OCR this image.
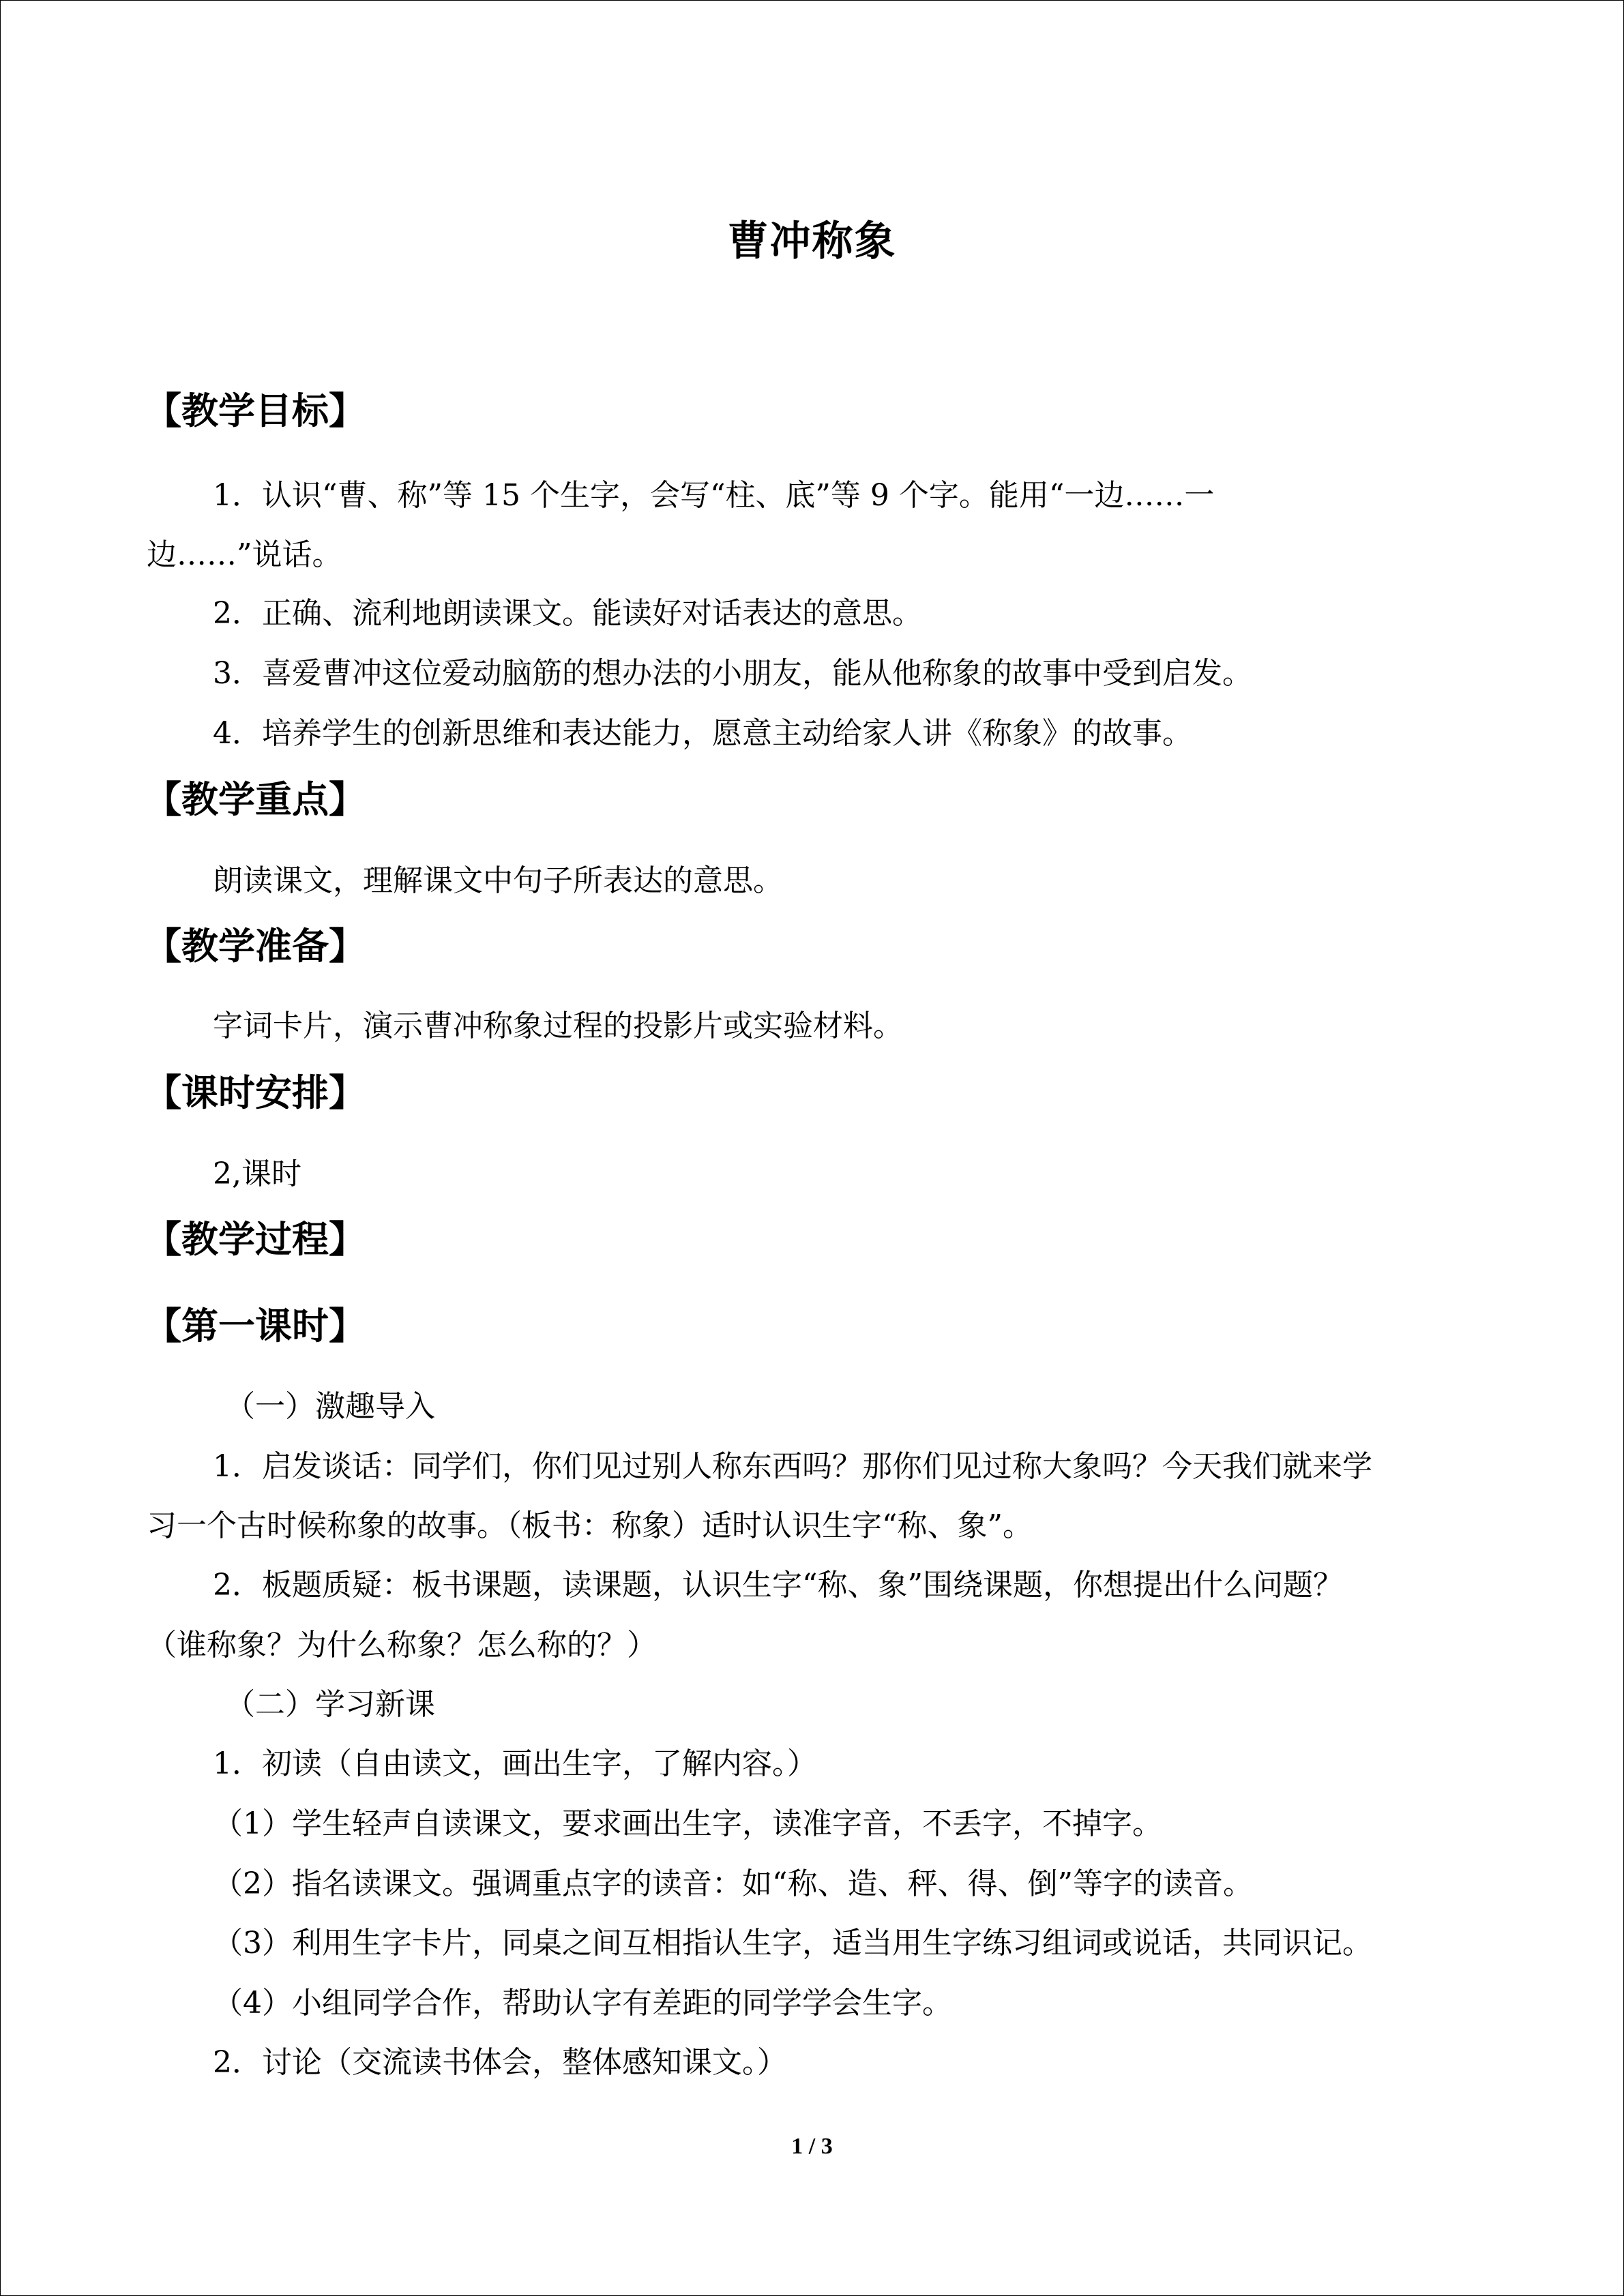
曹冲称象
【教学目标】
1．认识“曹、称”等 15 个生字，会写“柱、底”等 9 个字。能用“一边……一
边……”说话。
2．正确、流利地朗读课文。能读好对话表达的意思。
3．喜爱曹冲这位爱动脑筋的想办法的小朋友，能从他称象的故事中受到启发。
4．培养学生的创新思维和表达能力，愿意主动给家人讲《称象》的故事。
【教学重点】
朗读课文，理解课文中句子所表达的意思。
【教学准备】
字词卡片，演示曹冲称象过程的投影片或实验材料。
【课时安排】
2,课时
【教学过程】
【第一课时】
（一）激趣导入
1．启发谈话：同学们，你们见过别人称东西吗？那你们见过称大象吗？今天我们就来学
习一个古时候称象的故事。（板书：称象）适时认识生字“称、象”。
2．板题质疑：板书课题，读课题，认识生字“称、象”围绕课题，你想提出什么问题？
（谁称象？为什么称象？怎么称的？）
（二）学习新课
1．初读（自由读文，画出生字，了解内容。）
（1）学生轻声自读课文，要求画出生字，读准字音，不丢字，不掉字。
（2）指名读课文。强调重点字的读音：如“称、造、秤、得、倒”等字的读音。
（3）利用生字卡片，同桌之间互相指认生字，适当用生字练习组词或说话，共同识记。
（4）小组同学合作，帮助认字有差距的同学学会生字。
2．讨论（交流读书体会，整体感知课文。）
1 / 3
